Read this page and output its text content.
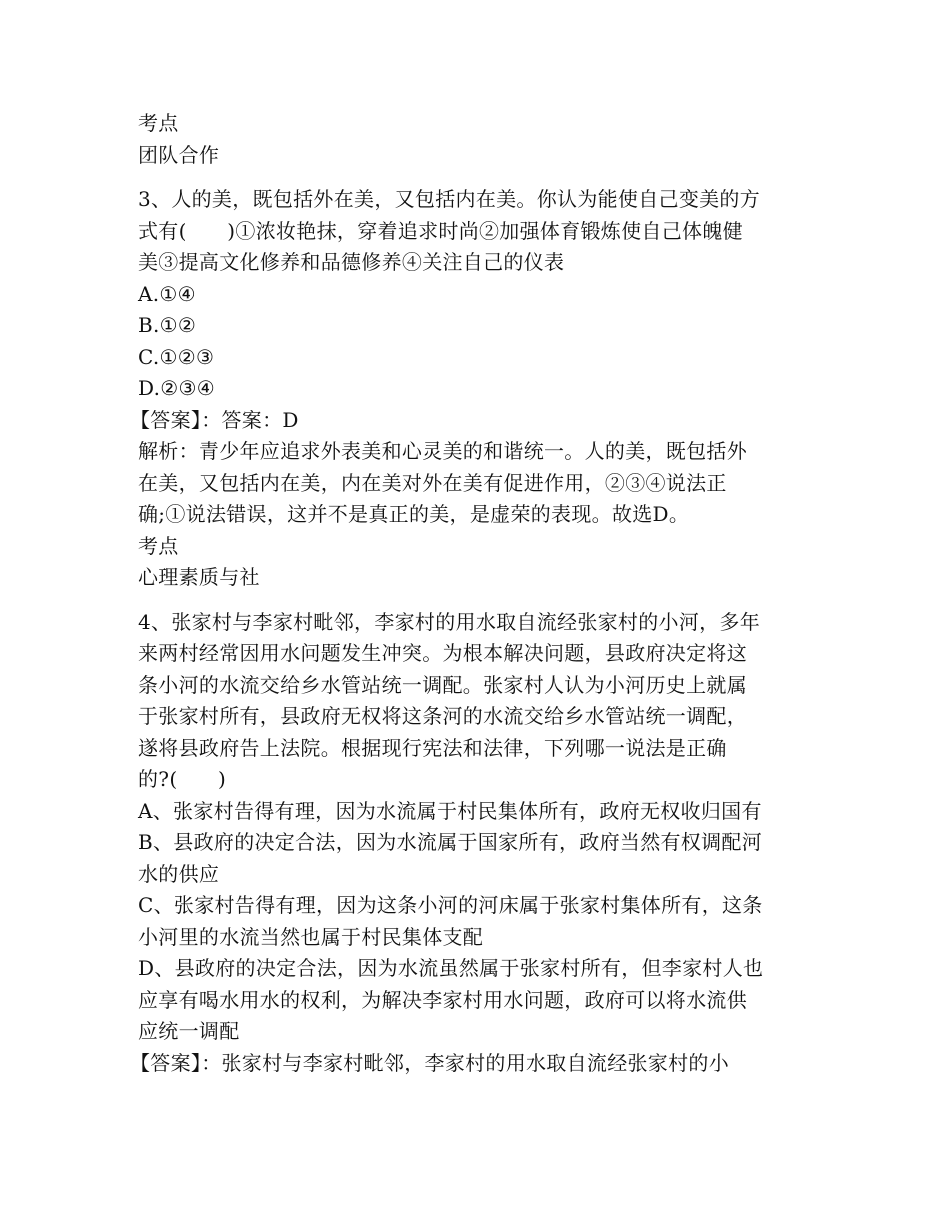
考点
团队合作
3、人的美，既包括外在美，又包括内在美。你认为能使自己变美的方
式有(　　)①浓妆艳抹，穿着追求时尚②加强体育锻炼使自己体魄健
美③提高文化修养和品德修养④关注自己的仪表
A.①④
B.①②
C.①②③
D.②③④
【答案】：答案：D
解析：青少年应追求外表美和心灵美的和谐统一。人的美，既包括外
在美，又包括内在美，内在美对外在美有促进作用，②③④说法正
确;①说法错误，这并不是真正的美，是虚荣的表现。故选D。
考点
心理素质与社
4、张家村与李家村毗邻，李家村的用水取自流经张家村的小河，多年
来两村经常因用水问题发生冲突。为根本解决问题，县政府决定将这
条小河的水流交给乡水管站统一调配。张家村人认为小河历史上就属
于张家村所有，县政府无权将这条河的水流交给乡水管站统一调配，
遂将县政府告上法院。根据现行宪法和法律，下列哪一说法是正确
的?(　　)
A、张家村告得有理，因为水流属于村民集体所有，政府无权收归国有
B、县政府的决定合法，因为水流属于国家所有，政府当然有权调配河
水的供应
C、张家村告得有理，因为这条小河的河床属于张家村集体所有，这条
小河里的水流当然也属于村民集体支配
D、县政府的决定合法，因为水流虽然属于张家村所有，但李家村人也
应享有喝水用水的权利，为解决李家村用水问题，政府可以将水流供
应统一调配
【答案】：张家村与李家村毗邻，李家村的用水取自流经张家村的小
